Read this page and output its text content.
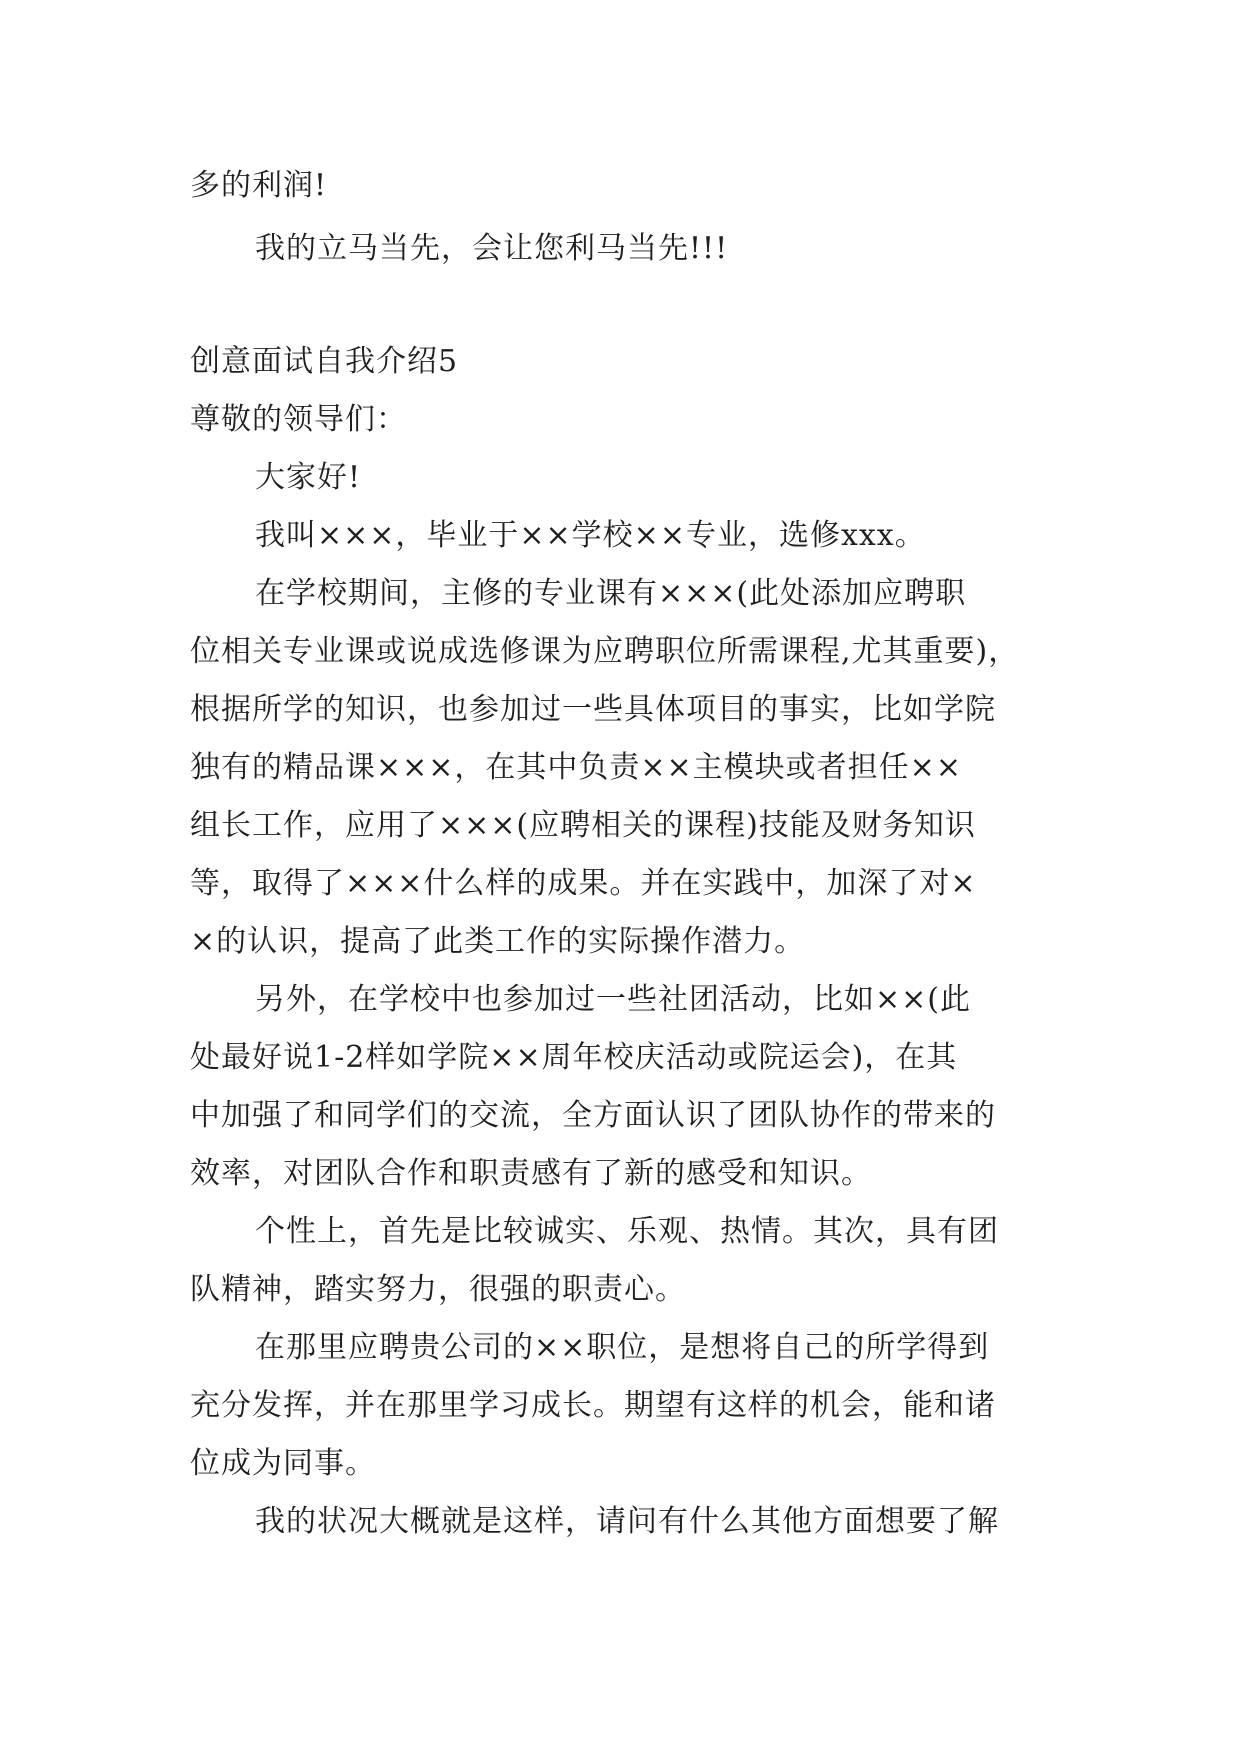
多的利润!
我的立马当先，会让您利马当先!!!
创意面试自我介绍5
尊敬的领导们：
大家好!
我叫×××，毕业于××学校××专业，选修xxx。
在学校期间，主修的专业课有×××(此处添加应聘职
位相关专业课或说成选修课为应聘职位所需课程,尤其重要)，
根据所学的知识，也参加过一些具体项目的事实，比如学院
独有的精品课×××，在其中负责××主模块或者担任××
组长工作，应用了×××(应聘相关的课程)技能及财务知识
等，取得了×××什么样的成果。并在实践中，加深了对×
×的认识，提高了此类工作的实际操作潜力。
另外，在学校中也参加过一些社团活动，比如××(此
处最好说1-2样如学院××周年校庆活动或院运会)，在其
中加强了和同学们的交流，全方面认识了团队协作的带来的
效率，对团队合作和职责感有了新的感受和知识。
个性上，首先是比较诚实、乐观、热情。其次，具有团
队精神，踏实努力，很强的职责心。
在那里应聘贵公司的××职位，是想将自己的所学得到
充分发挥，并在那里学习成长。期望有这样的机会，能和诸
位成为同事。
我的状况大概就是这样，请问有什么其他方面想要了解
